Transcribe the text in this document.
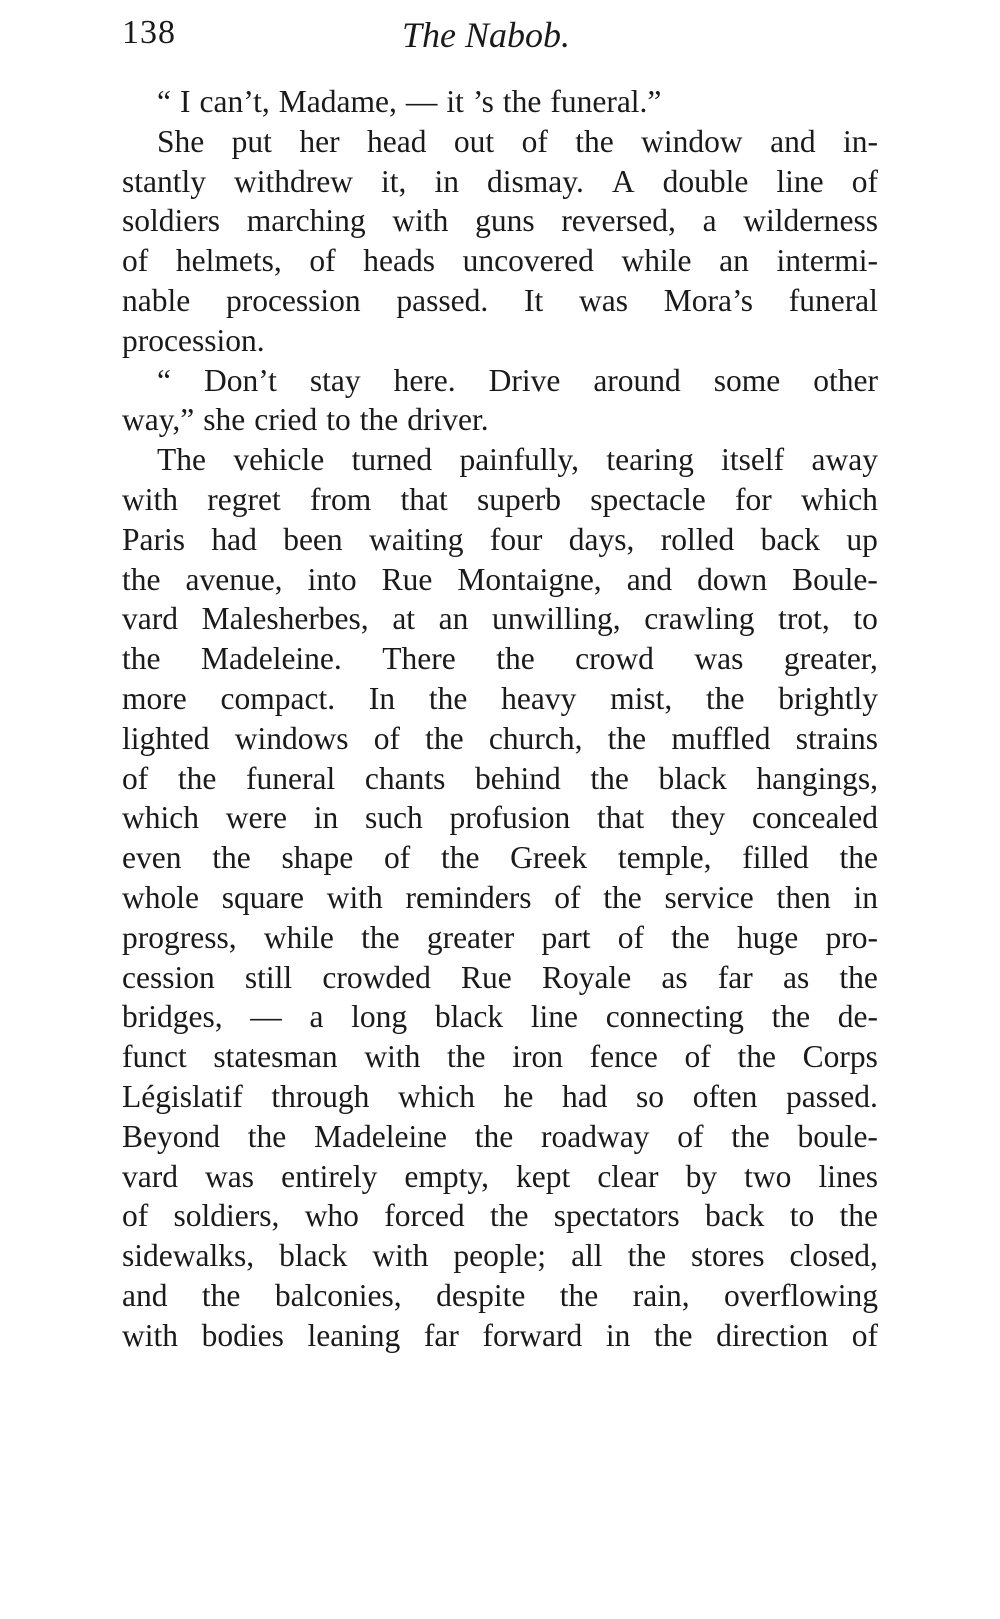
138	The Nabob.
“ I can’t, Madame, — it ’s the funeral.”
She put her head out of the window and in-
stantly withdrew it, in dismay. A double line of
soldiers marching with guns reversed, a wilderness
of helmets, of heads uncovered while an intermi-
nable procession passed. It was Mora’s funeral
procession.
“ Don’t stay here. Drive around some other
way,” she cried to the driver.
The vehicle turned painfully, tearing itself away
with regret from that superb spectacle for which
Paris had been waiting four days, rolled back up
the avenue, into Rue Montaigne, and down Boule-
vard Malesherbes, at an unwilling, crawling trot, to
the Madeleine. There the crowd was greater,
more compact. In the heavy mist, the brightly
lighted windows of the church, the muffled strains
of the funeral chants behind the black hangings,
which were in such profusion that they concealed
even the shape of the Greek temple, filled the
whole square with reminders of the service then in
progress, while the greater part of the huge pro-
cession still crowded Rue Royale as far as the
bridges, — a long black line connecting the de-
funct statesman with the iron fence of the Corps
Législatif through which he had so often passed.
Beyond the Madeleine the roadway of the boule-
vard was entirely empty, kept clear by two lines
of soldiers, who forced the spectators back to the
sidewalks, black with people; all the stores closed,
and the balconies, despite the rain, overflowing
with bodies leaning far forward in the direction of
